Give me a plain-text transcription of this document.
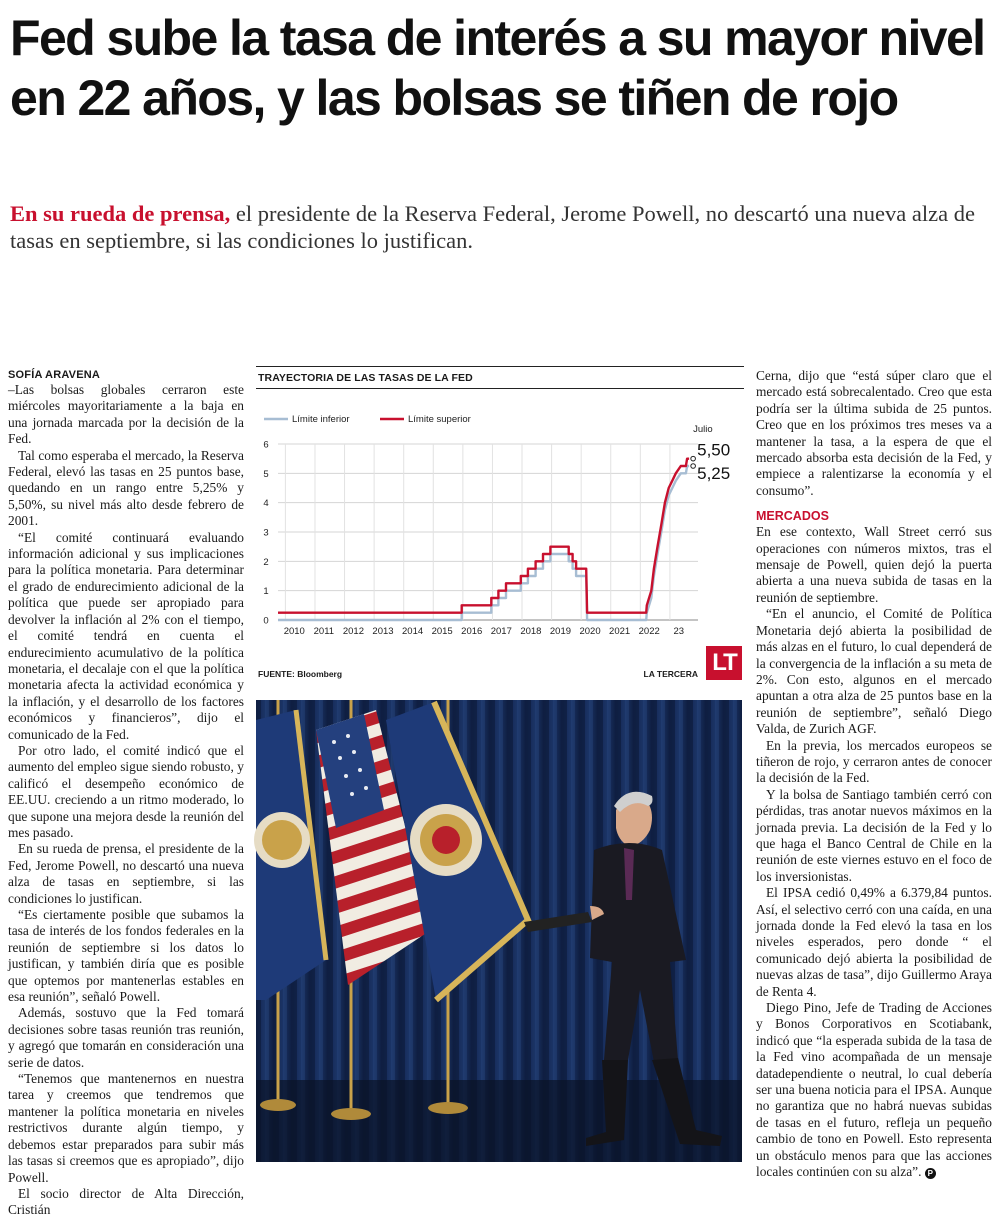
Fed sube la tasa de interés a su mayor nivel en 22 años, y las bolsas se tiñen de rojo

En su rueda de prensa, el presidente de la Reserva Federal, Jerome Powell, no descartó una nueva alza de tasas en septiembre, si las condiciones lo justifican.

SOFÍA ARAVENA

–Las bolsas globales cerraron este miércoles mayoritariamente a la baja en una jornada marcada por la decisión de la Fed.

Tal como esperaba el mercado, la Reserva Federal, elevó las tasas en 25 puntos base, quedando en un rango entre 5,25% y 5,50%, su nivel más alto desde febrero de 2001.

“El comité continuará evaluando información adicional y sus implicaciones para la política monetaria. Para determinar el grado de endurecimiento adicional de la política que puede ser apropiado para devolver la inflación al 2% con el tiempo, el comité tendrá en cuenta el endurecimiento acumulativo de la política monetaria, el decalaje con el que la política monetaria afecta la actividad económica y la inflación, y el desarrollo de los factores económicos y financieros”, dijo el comunicado de la Fed.

Por otro lado, el comité indicó que el aumento del empleo sigue siendo robusto, y calificó el desempeño económico de EE.UU. creciendo a un ritmo moderado, lo que supone una mejora desde la reunión del mes pasado.

En su rueda de prensa, el presidente de la Fed, Jerome Powell, no descartó una nueva alza de tasas en septiembre, si las condiciones lo justifican.

“Es ciertamente posible que subamos la tasa de interés de los fondos federales en la reunión de septiembre si los datos lo justifican, y también diría que es posible que optemos por mantenerlas estables en esa reunión”, señaló Powell.

Además, sostuvo que la Fed tomará decisiones sobre tasas reunión tras reunión, y agregó que tomarán en consideración una serie de datos.

“Tenemos que mantenernos en nuestra tarea y creemos que tendremos que mantener la política monetaria en niveles restrictivos durante algún tiempo, y debemos estar preparados para subir más las tasas si creemos que es apropiado”, dijo Powell.

El socio director de Alta Dirección, Cristián

TRAYECTORIA DE LAS TASAS DE LA FED
0
1
2
3
4
5
6
2010 2011 2012 2013 2014 2015 2016 2017 2018 2019 2020 2021 2022 23
Límite inferior	Límite superior
Julio
5,50
5,25
FUENTE: Bloomberg	LA TERCERA LT

Cerna, dijo que “está súper claro que el mercado está sobrecalentado. Creo que esta podría ser la última subida de 25 puntos. Creo que en los próximos tres meses va a mantener la tasa, a la espera de que el mercado absorba esta decisión de la Fed, y empiece a ralentizarse la economía y el consumo”.

MERCADOS

En ese contexto, Wall Street cerró sus operaciones con números mixtos, tras el mensaje de Powell, quien dejó la puerta abierta a una nueva subida de tasas en la reunión de septiembre.

“En el anuncio, el Comité de Política Monetaria dejó abierta la posibilidad de más alzas en el futuro, lo cual dependerá de la convergencia de la inflación a su meta de 2%. Con esto, algunos en el mercado apuntan a otra alza de 25 puntos base en la reunión de septiembre”, señaló Diego Valda, de Zurich AGF.

En la previa, los mercados europeos se tiñeron de rojo, y cerraron antes de conocer la decisión de la Fed.

Y la bolsa de Santiago también cerró con pérdidas, tras anotar nuevos máximos en la jornada previa. La decisión de la Fed y lo que haga el Banco Central de Chile en la reunión de este viernes estuvo en el foco de los inversionistas.

El IPSA cedió 0,49% a 6.379,84 puntos. Así, el selectivo cerró con una caída, en una jornada donde la Fed elevó la tasa en los niveles esperados, pero donde “ el comunicado dejó abierta la posibilidad de nuevas alzas de tasa”, dijo Guillermo Araya de Renta 4.

Diego Pino, Jefe de Trading de Acciones y Bonos Corporativos en Scotiabank, indicó que “la esperada subida de la tasa de la Fed vino acompañada de un mensaje datadependiente o neutral, lo cual debería ser una buena noticia para el IPSA. Aunque no garantiza que no habrá nuevas subidas de tasas en el futuro, refleja un pequeño cambio de tono en Powell. Esto representa un obstáculo menos para que las acciones locales continúen con su alza”. P
